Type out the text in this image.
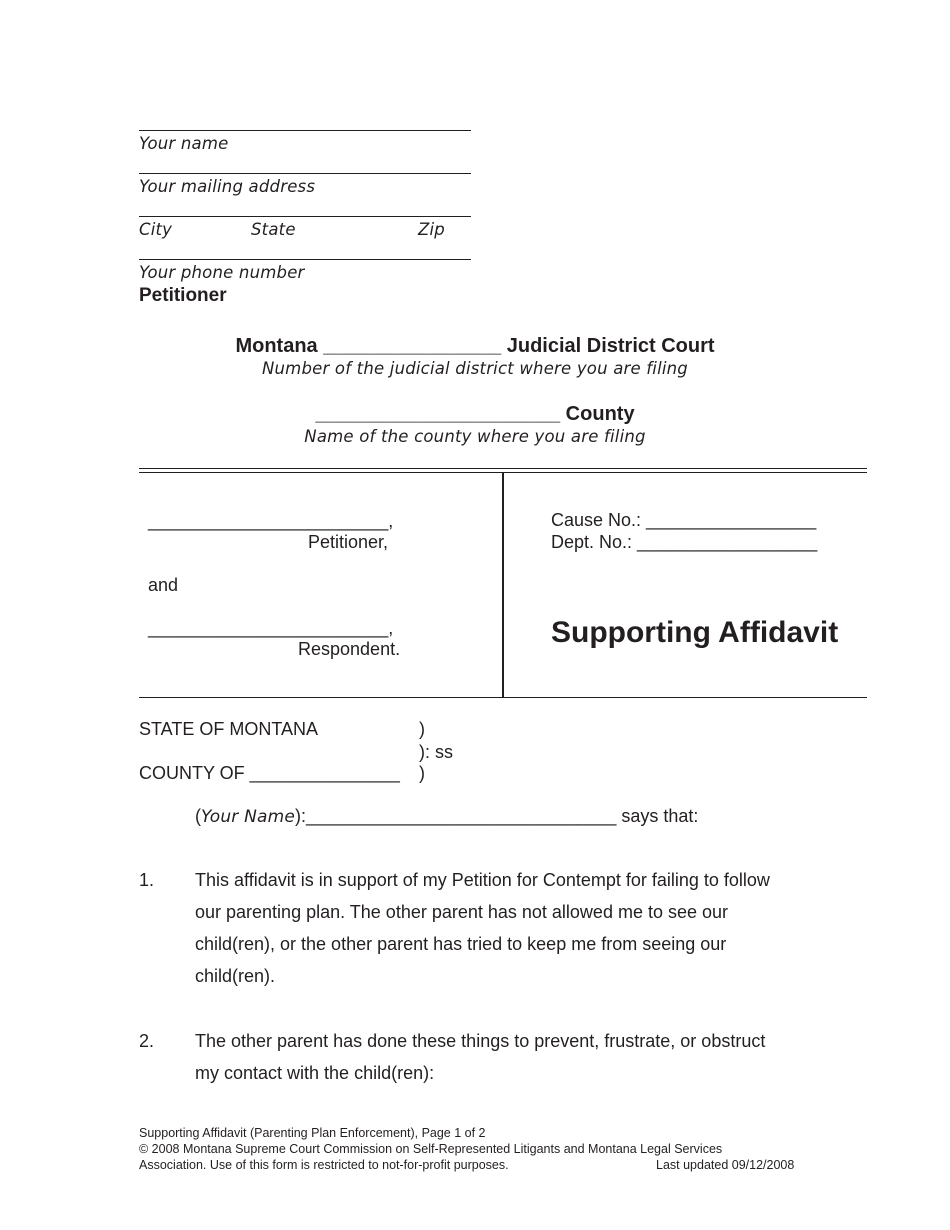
Your name
Your mailing address
City	State	Zip
Your phone number
Petitioner
Montana ________________ Judicial District Court
Number of the judicial district where you are filing
______________________ County
Name of the county where you are filing
________________________,
Petitioner,
and
________________________,
Respondent.
Cause No.: _________________
Dept. No.: __________________
Supporting Affidavit
STATE OF MONTANA	)
): ss
COUNTY OF _______________ )
(Your Name):_______________________________ says that:
1. This affidavit is in support of my Petition for Contempt for failing to follow
our parenting plan. The other parent has not allowed me to see our
child(ren), or the other parent has tried to keep me from seeing our
child(ren).
2. The other parent has done these things to prevent, frustrate, or obstruct
my contact with the child(ren):
Supporting Affidavit (Parenting Plan Enforcement), Page 1 of 2
© 2008 Montana Supreme Court Commission on Self-Represented Litigants and Montana Legal Services
Association. Use of this form is restricted to not-for-profit purposes.	Last updated 09/12/2008
